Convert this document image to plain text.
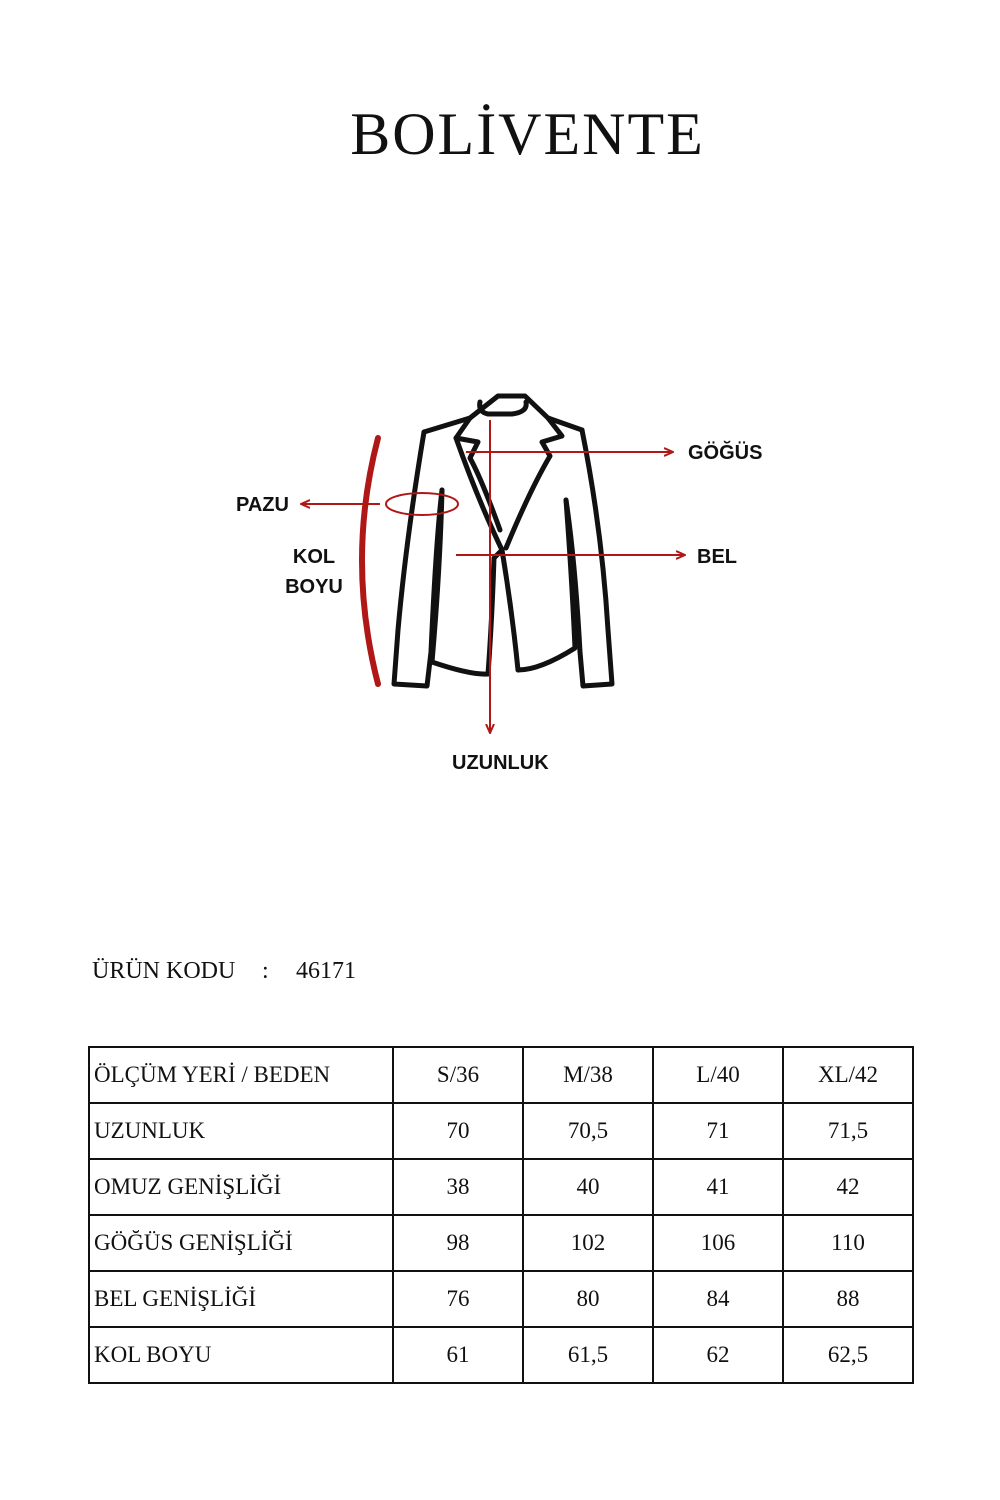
BOLİVENTE
GÖĞÜS
PAZU
BEL
KOL
BOYU
UZUNLUK
ÜRÜN KODU : 46171
ÖLÇÜM YERİ / BEDEN	S/36	M/38	L/40	XL/42
UZUNLUK	70	70,5	71	71,5
OMUZ GENİŞLİĞİ	38	40	41	42
GÖĞÜS GENİŞLİĞİ	98	102	106	110
BEL GENİŞLİĞİ	76	80	84	88
KOL BOYU	61	61,5	62	62,5
